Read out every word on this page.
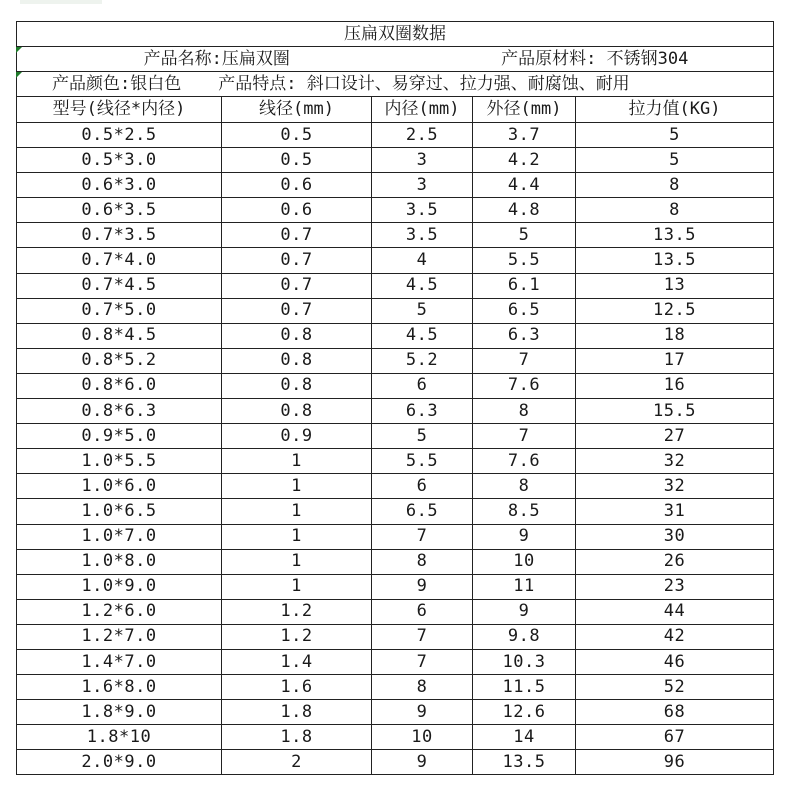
压扁双圈数据				

产品名称:压扁双圈 产品原材料: 不锈钢304				

产品颜色:银白色 产品特点: 斜口设计、易穿过、拉力强、耐腐蚀、耐用				

型号(线径*内径)	线径(mm)	内径(mm)	外径(mm)	拉力值(KG)
0.5*2.5	0.5	2.5	3.7	5
0.5*3.0	0.5	3	4.2	5
0.6*3.0	0.6	3	4.4	8
0.6*3.5	0.6	3.5	4.8	8
0.7*3.5	0.7	3.5	5	13.5
0.7*4.0	0.7	4	5.5	13.5
0.7*4.5	0.7	4.5	6.1	13
0.7*5.0	0.7	5	6.5	12.5
0.8*4.5	0.8	4.5	6.3	18
0.8*5.2	0.8	5.2	7	17
0.8*6.0	0.8	6	7.6	16
0.8*6.3	0.8	6.3	8	15.5
0.9*5.0	0.9	5	7	27
1.0*5.5	1	5.5	7.6	32
1.0*6.0	1	6	8	32
1.0*6.5	1	6.5	8.5	31
1.0*7.0	1	7	9	30
1.0*8.0	1	8	10	26
1.0*9.0	1	9	11	23
1.2*6.0	1.2	6	9	44
1.2*7.0	1.2	7	9.8	42
1.4*7.0	1.4	7	10.3	46
1.6*8.0	1.6	8	11.5	52
1.8*9.0	1.8	9	12.6	68
1.8*10	1.8	10	14	67
2.0*9.0	2	9	13.5	96
